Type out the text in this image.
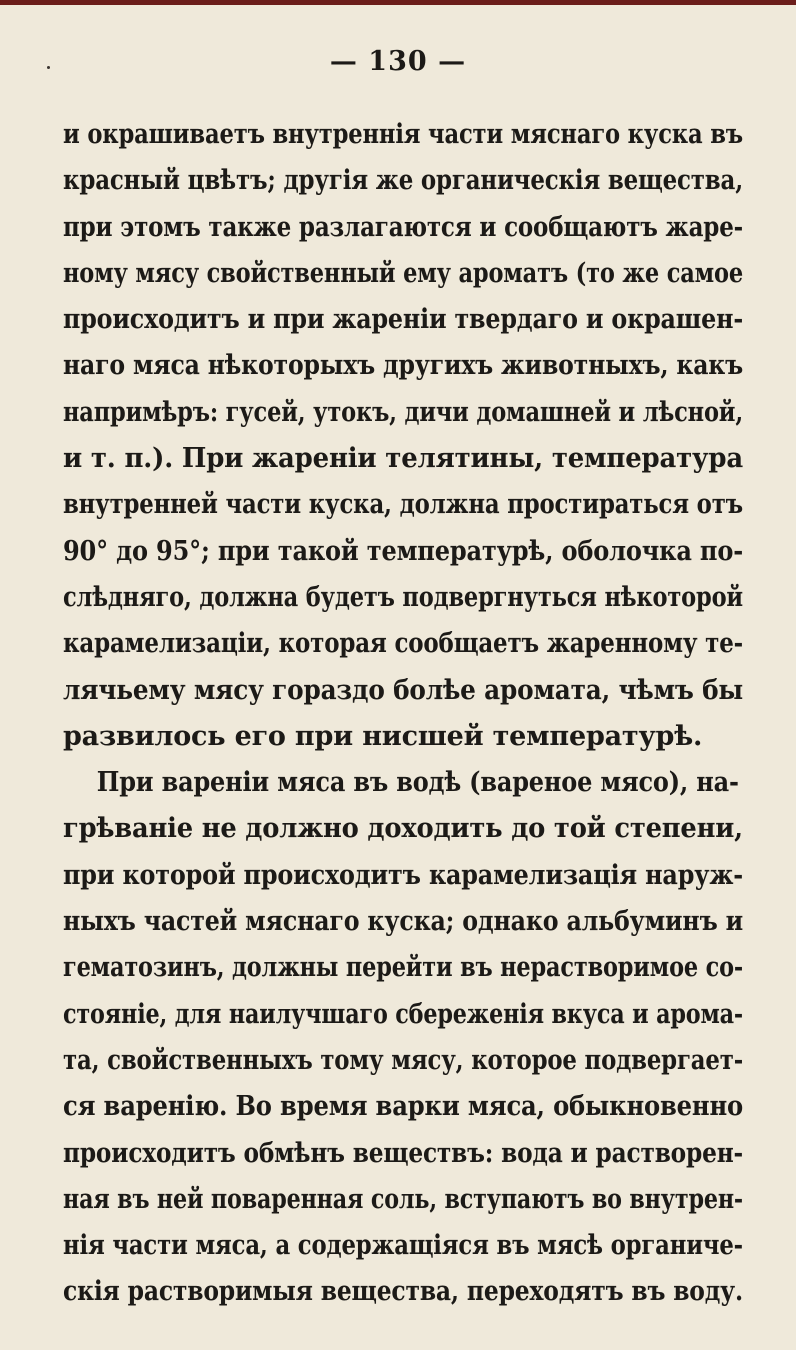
— 130 —
и окрашиваетъ внутреннія части мяснаго куска въ
красный цвѣтъ; другія же органическія вещества,
при этомъ также разлагаются и сообщаютъ жаре-
ному мясу свойственный ему ароматъ (то же самое
происходитъ и при жареніи твердаго и окрашен-
наго мяса нѣкоторыхъ другихъ животныхъ, какъ
напримѣръ: гусей, утокъ, дичи домашней и лѣсной,
и т. п.). При жареніи телятины, температура
внутренней части куска, должна простираться отъ
90° до 95°; при такой температурѣ, оболочка по-
слѣдняго, должна будетъ подвергнуться нѣкоторой
карамелизаціи, которая сообщаетъ жаренному те-
лячьему мясу гораздо болѣе аромата, чѣмъ бы
развилось его при нисшей температурѣ.
При вареніи мяса въ водѣ (вареное мясо), на-
грѣваніе не должно доходить до той степени,
при которой происходитъ карамелизація наруж-
ныхъ частей мяснаго куска; однако альбуминъ и
гематозинъ, должны перейти въ нерастворимое со-
стояніе, для наилучшаго сбереженія вкуса и арома-
та, свойственныхъ тому мясу, которое подвергает-
ся варенію. Во время варки мяса, обыкновенно
происходитъ обмѣнъ веществъ: вода и растворен-
ная въ ней поваренная соль, вступаютъ во внутрен-
нія части мяса, а содержащіяся въ мясѣ органиче-
скія растворимыя вещества, переходятъ въ воду.
